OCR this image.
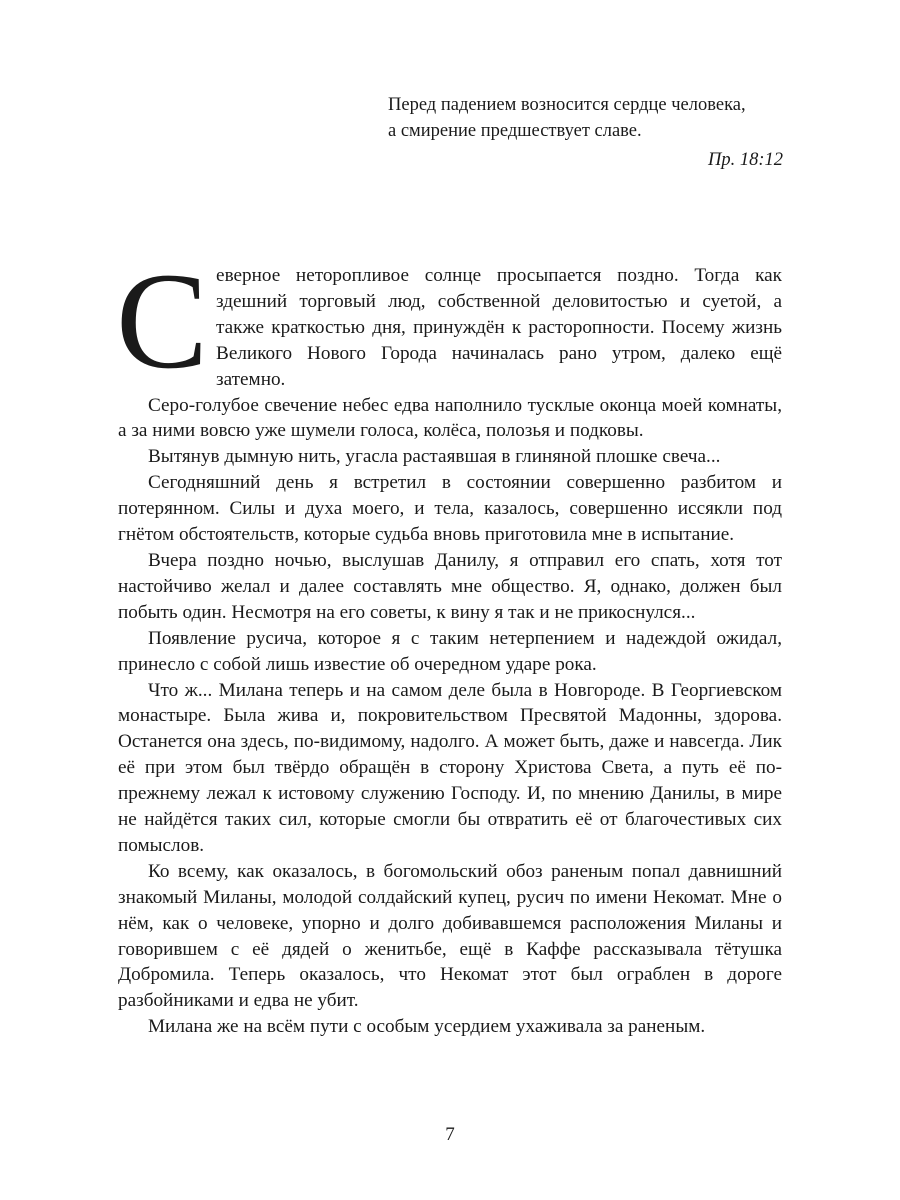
Перед падением возносится сердце человека,
а смирение предшествует славе.
Пр. 18:12

Северное неторопливое солнце просыпается поздно. Тогда как здешний торговый люд, собственной деловитостью и суетой, а также краткостью дня, принуждён к расторопности. Посему жизнь Великого Нового Города начиналась рано утром, далеко ещё затемно.

Серо-голубое свечение небес едва наполнило тусклые оконца моей комнаты, а за ними вовсю уже шумели голоса, колёса, полозья и подковы.

Вытянув дымную нить, угасла растаявшая в глиняной плошке свеча...

Сегодняшний день я встретил в состоянии совершенно разбитом и потерянном. Силы и духа моего, и тела, казалось, совершенно иссякли под гнётом обстоятельств, которые судьба вновь приготовила мне в испытание.

Вчера поздно ночью, выслушав Данилу, я отправил его спать, хотя тот настойчиво желал и далее составлять мне общество. Я, однако, должен был побыть один. Несмотря на его советы, к вину я так и не прикоснулся...

Появление русича, которое я с таким нетерпением и надеждой ожидал, принесло с собой лишь известие об очередном ударе рока.

Что ж... Милана теперь и на самом деле была в Новгороде. В Георгиевском монастыре. Была жива и, покровительством Пресвятой Мадонны, здорова. Останется она здесь, по-видимому, надолго. А может быть, даже и навсегда. Лик её при этом был твёрдо обращён в сторону Христова Света, а путь её по-прежнему лежал к истовому служению Господу. И, по мнению Данилы, в мире не найдётся таких сил, которые смогли бы отвратить её от благочестивых сих помыслов.

Ко всему, как оказалось, в богомольский обоз раненым попал давнишний знакомый Миланы, молодой солдайский купец, русич по имени Некомат. Мне о нём, как о человеке, упорно и долго добивавшемся расположения Миланы и говорившем с её дядей о женитьбе, ещё в Каффе рассказывала тётушка Добромила. Теперь оказалось, что Некомат этот был ограблен в дороге разбойниками и едва не убит.

Милана же на всём пути с особым усердием ухаживала за раненым.

7
